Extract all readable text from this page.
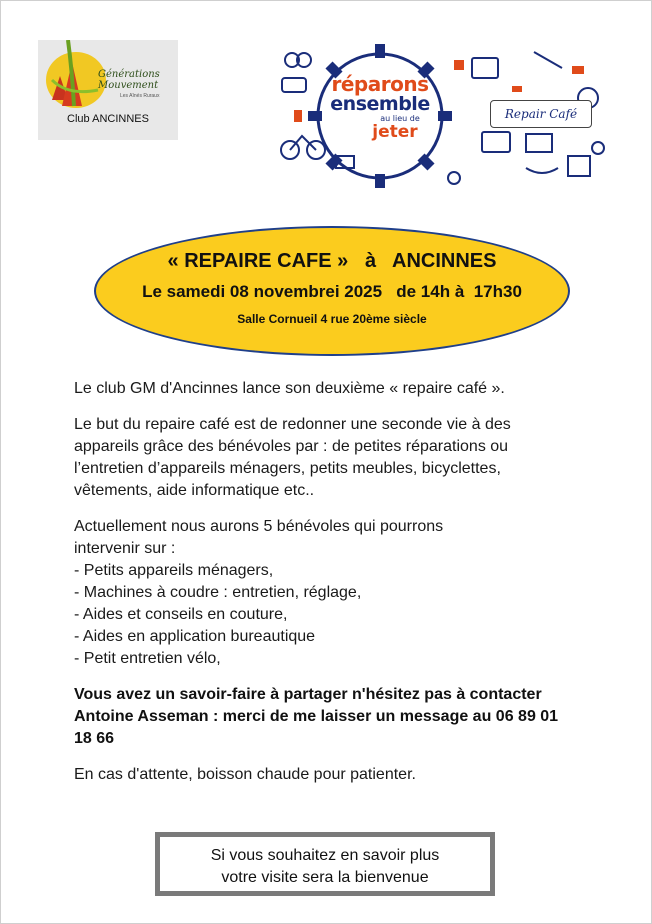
Générations
Mouvement
Les Aînés Ruraux
Club ANCINNES
réparons
ensemble
au lieu de
jeter
Repair Café
« REPAIRE CAFE »   à   ANCINNES
Le samedi 08 novembrei 2025   de 14h à  17h30
Salle Cornueil 4 rue 20ème siècle

Le club GM d'Ancinnes lance son deuxième « repaire café ».

Le but du repaire café est de redonner une seconde vie à des appareils grâce des bénévoles par : de petites réparations ou l’entretien d’appareils ménagers, petits meubles, bicyclettes, vêtements, aide informatique etc..

Actuellement nous aurons 5 bénévoles qui pourrons
intervenir sur :
- Petits appareils ménagers,
- Machines à coudre : entretien, réglage,
- Aides et conseils en couture,
- Aides en application bureautique
- Petit entretien vélo,

Vous avez un savoir-faire à partager n'hésitez pas à contacter Antoine Asseman : merci de me laisser un message au 06 89 01 18 66

En cas d'attente, boisson chaude pour patienter.

Si vous souhaitez en savoir plus
votre visite sera la bienvenue
